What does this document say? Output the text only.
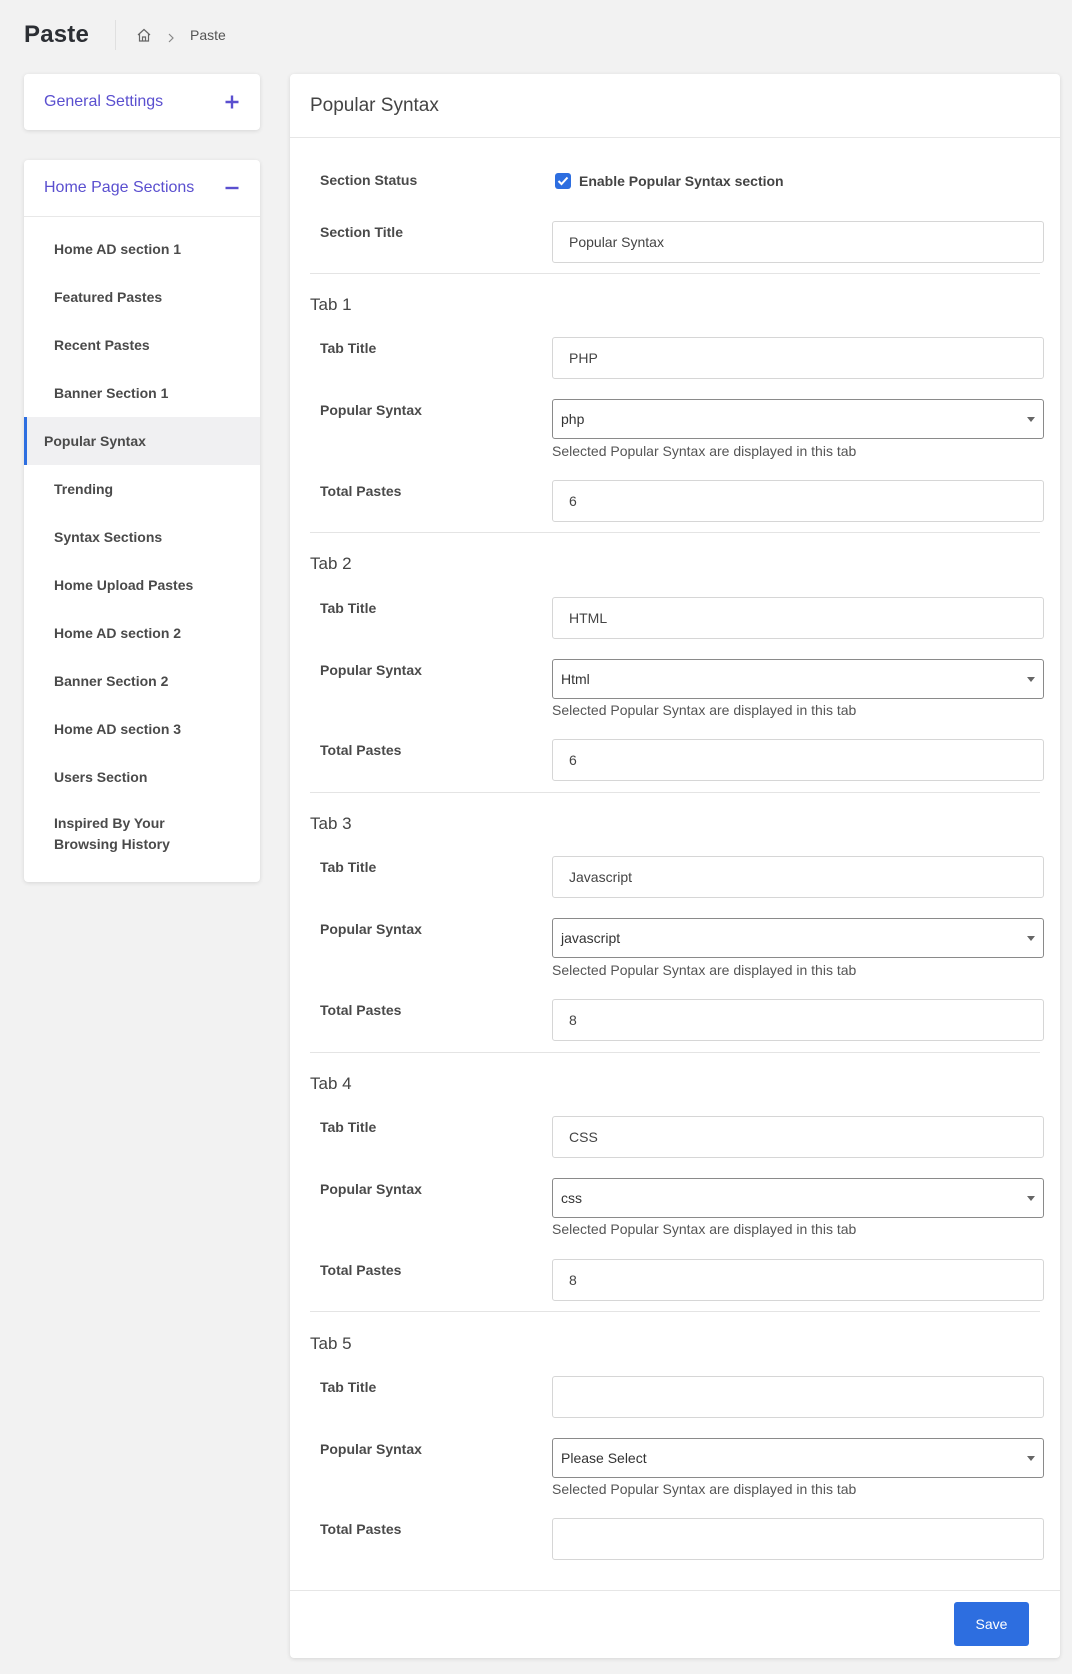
Paste	Paste
General Settings
Home Page Sections
Home AD section 1
Featured Pastes
Recent Pastes
Banner Section 1
Popular Syntax
Trending
Syntax Sections
Home Upload Pastes
Home AD section 2
Banner Section 2
Home AD section 3
Users Section
Inspired By Your Browsing History
Popular Syntax
Section Status	Enable Popular Syntax section
Section Title
Popular Syntax
Tab 1
Tab Title
PHP
Popular Syntax
php
Selected Popular Syntax are displayed in this tab
Total Pastes
6
Tab 2
Tab Title
HTML
Popular Syntax
Html
Selected Popular Syntax are displayed in this tab
Total Pastes
6
Tab 3
Tab Title
Javascript
Popular Syntax
javascript
Selected Popular Syntax are displayed in this tab
Total Pastes
8
Tab 4
Tab Title
CSS
Popular Syntax
css
Selected Popular Syntax are displayed in this tab
Total Pastes
8
Tab 5
Tab Title
Popular Syntax
Please Select
Selected Popular Syntax are displayed in this tab
Total Pastes
Save
